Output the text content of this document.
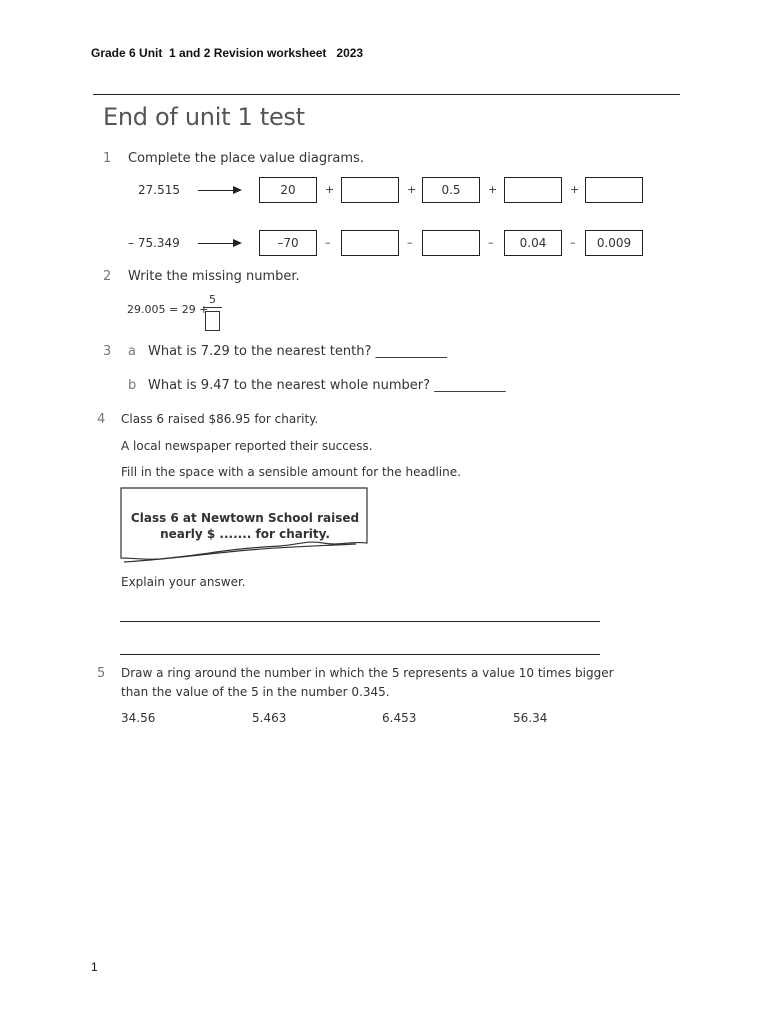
Grade 6 Unit  1 and 2 Revision worksheet   2023
End of unit 1 test
1 Complete the place value diagrams.
27.515	20	+	+	0.5	+	+
– 75.349	–70	–	–	–	0.04	–	0.009
2 Write the missing number.
29.005 = 29 +
5
3 a What is 7.29 to the nearest tenth? ___________
b What is 9.47 to the nearest whole number? ___________
4 Class 6 raised $86.95 for charity.
A local newspaper reported their success.
Fill in the space with a sensible amount for the headline.
Class 6 at Newtown School raised
nearly $ ....... for charity.
Explain your answer.
5 Draw a ring around the number in which the 5 represents a value 10 times bigger
than the value of the 5 in the number 0.345.
34.56	5.463	6.453	56.34
1
